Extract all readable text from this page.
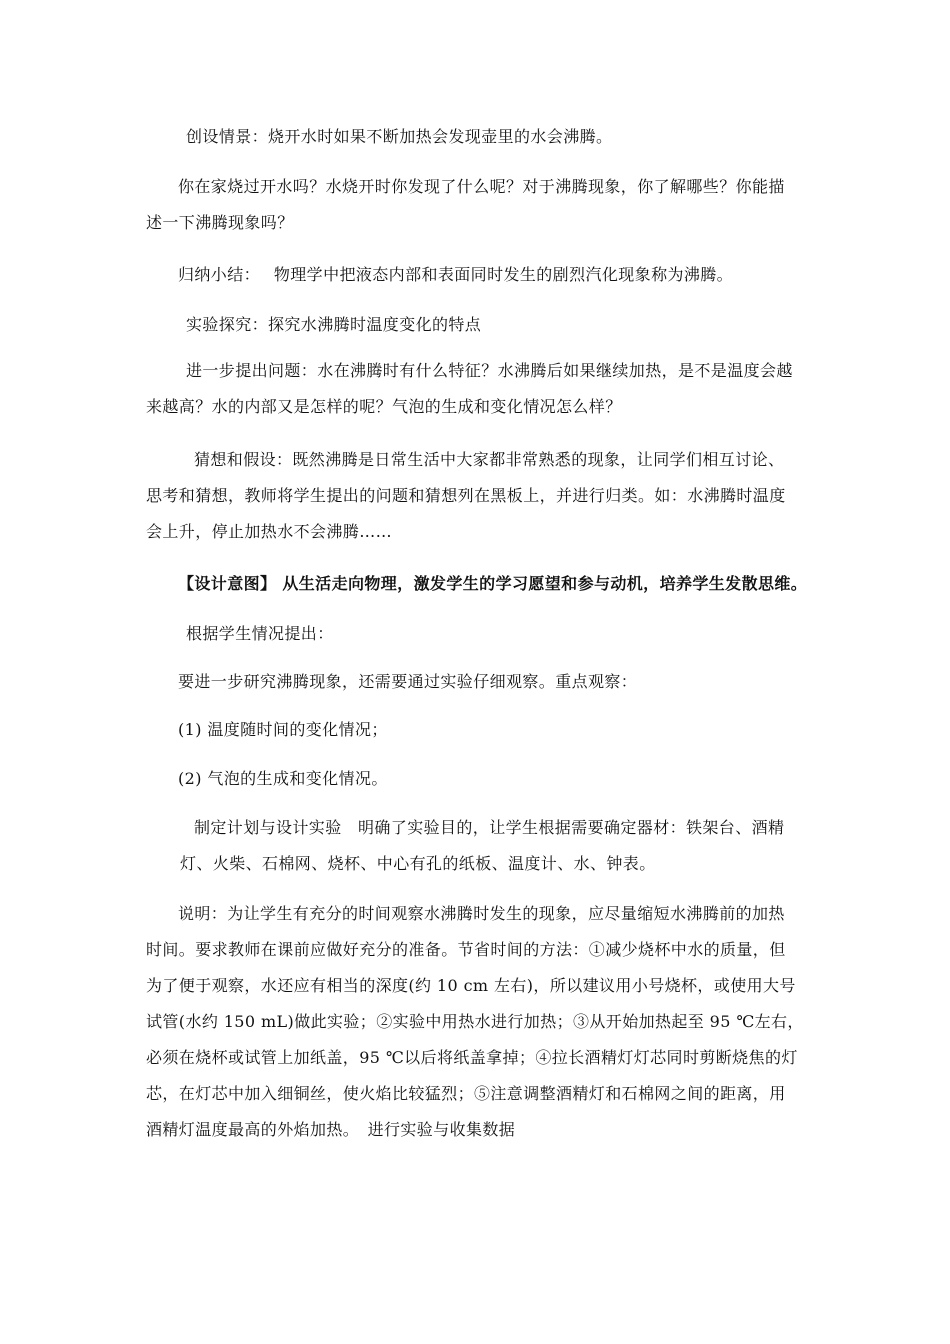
创设情景：烧开水时如果不断加热会发现壶里的水会沸腾。

你在家烧过开水吗？水烧开时你发现了什么呢？对于沸腾现象，你了解哪些？你能描
述一下沸腾现象吗？

归纳小结：　 物理学中把液态内部和表面同时发生的剧烈汽化现象称为沸腾。

实验探究：探究水沸腾时温度变化的特点

进一步提出问题：水在沸腾时有什么特征？水沸腾后如果继续加热，是不是温度会越
来越高？水的内部又是怎样的呢？气泡的生成和变化情况怎么样？
猜想和假设：既然沸腾是日常生活中大家都非常熟悉的现象，让同学们相互讨论、
思考和猜想，教师将学生提出的问题和猜想列在黑板上，并进行归类。如：水沸腾时温度
会上升，停止加热水不会沸腾……

【设计意图】 从生活走向物理，激发学生的学习愿望和参与动机，培养学生发散思维。

根据学生情况提出：

要进一步研究沸腾现象，还需要通过实验仔细观察。重点观察：

(1) 温度随时间的变化情况；

(2) 气泡的生成和变化情况。

制定计划与设计实验　明确了实验目的，让学生根据需要确定器材：铁架台、酒精
灯、火柴、石棉网、烧杯、中心有孔的纸板、温度计、水、钟表。
说明：为让学生有充分的时间观察水沸腾时发生的现象，应尽量缩短水沸腾前的加热
时间。要求教师在课前应做好充分的准备。节省时间的方法：①减少烧杯中水的质量，但
为了便于观察，水还应有相当的深度(约 10 cm 左右)，所以建议用小号烧杯，或使用大号
试管(水约 150 mL)做此实验；②实验中用热水进行加热；③从开始加热起至 95 ℃左右，
必须在烧杯或试管上加纸盖，95 ℃以后将纸盖拿掉；④拉长酒精灯灯芯同时剪断烧焦的灯
芯，在灯芯中加入细铜丝，使火焰比较猛烈；⑤注意调整酒精灯和石棉网之间的距离，用
酒精灯温度最高的外焰加热。　进行实验与收集数据
